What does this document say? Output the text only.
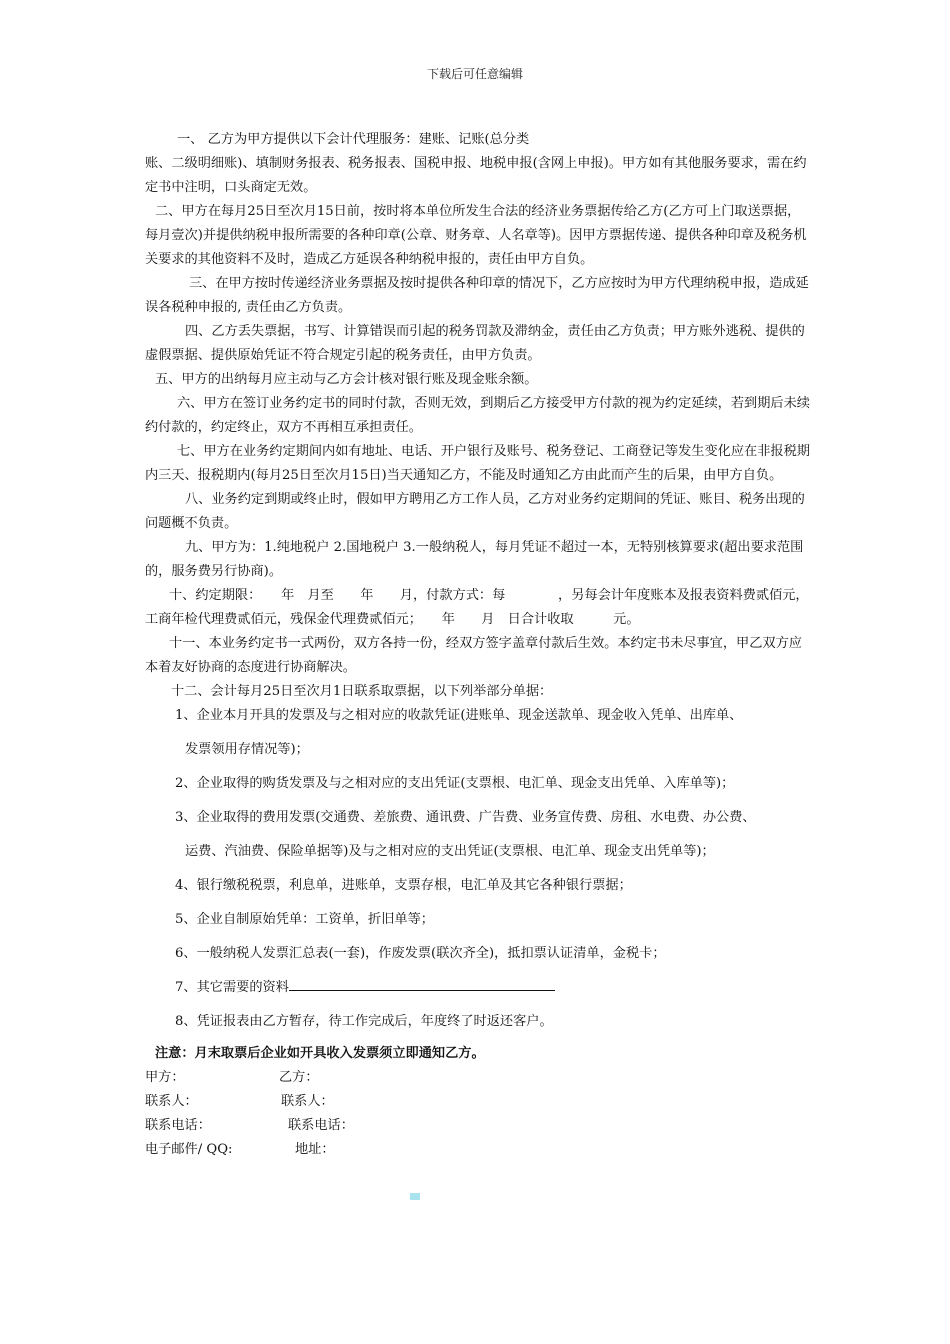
下载后可任意编辑

一、 乙方为甲方提供以下会计代理服务：建账、记账(总分类

账、二级明细账)、填制财务报表、税务报表、国税申报、地税申报(含网上申报)。甲方如有其他服务要求，需在约定书中注明，口头商定无效。

二、甲方在每月25日至次月15日前，按时将本单位所发生合法的经济业务票据传给乙方(乙方可上门取送票据，每月壹次)并提供纳税申报所需要的各种印章(公章、财务章、人名章等)。因甲方票据传递、提供各种印章及税务机关要求的其他资料不及时，造成乙方延误各种纳税申报的，责任由甲方自负。

三、在甲方按时传递经济业务票据及按时提供各种印章的情况下，乙方应按时为甲方代理纳税申报，造成延误各税种申报的, 责任由乙方负责。

四、乙方丢失票据，书写、计算错误而引起的税务罚款及滞纳金，责任由乙方负责；甲方账外逃税、提供的虚假票据、提供原始凭证不符合规定引起的税务责任，由甲方负责。

五、甲方的出纳每月应主动与乙方会计核对银行账及现金账余额。

六、甲方在签订业务约定书的同时付款，否则无效，到期后乙方接受甲方付款的视为约定延续，若到期后未续约付款的，约定终止，双方不再相互承担责任。

七、甲方在业务约定期间内如有地址、电话、开户银行及账号、税务登记、工商登记等发生变化应在非报税期内三天、报税期内(每月25日至次月15日)当天通知乙方，不能及时通知乙方由此而产生的后果，由甲方自负。

八、业务约定到期或终止时，假如甲方聘用乙方工作人员，乙方对业务约定期间的凭证、账目、税务出现的问题概不负责。

九、甲方为：1.纯地税户 2.国地税户 3.一般纳税人，每月凭证不超过一本，无特别核算要求(超出要求范围的，服务费另行协商)。

十、约定期限：　　年　月至　　年　　月，付款方式：每　　　　，另每会计年度账本及报表资料费贰佰元，工商年检代理费贰佰元，残保金代理费贰佰元；　　年　　月　日合计收取　　　元。

十一、本业务约定书一式两份，双方各持一份，经双方签字盖章付款后生效。本约定书未尽事宜，甲乙双方应本着友好协商的态度进行协商解决。

十二、会计每月25日至次月1日联系取票据，以下列举部分单据：

1、企业本月开具的发票及与之相对应的收款凭证(进账单、现金送款单、现金收入凭单、出库单、

发票领用存情况等)；

2、企业取得的购货发票及与之相对应的支出凭证(支票根、电汇单、现金支出凭单、入库单等)；

3、企业取得的费用发票(交通费、差旅费、通讯费、广告费、业务宣传费、房租、水电费、办公费、

运费、汽油费、保险单据等)及与之相对应的支出凭证(支票根、电汇单、现金支出凭单等)；

4、银行缴税税票，利息单，进账单，支票存根，电汇单及其它各种银行票据；

5、企业自制原始凭单：工资单，折旧单等；

6、一般纳税人发票汇总表(一套)，作废发票(联次齐全)，抵扣票认证清单，金税卡；

7、其它需要的资料

8、凭证报表由乙方暂存，待工作完成后，年度终了时返还客户。

注意：月末取票后企业如开具收入发票须立即通知乙方。

甲方：	乙方：
联系人：	联系人：
联系电话：	联系电话：
电子邮件/ QQ:	地址：
